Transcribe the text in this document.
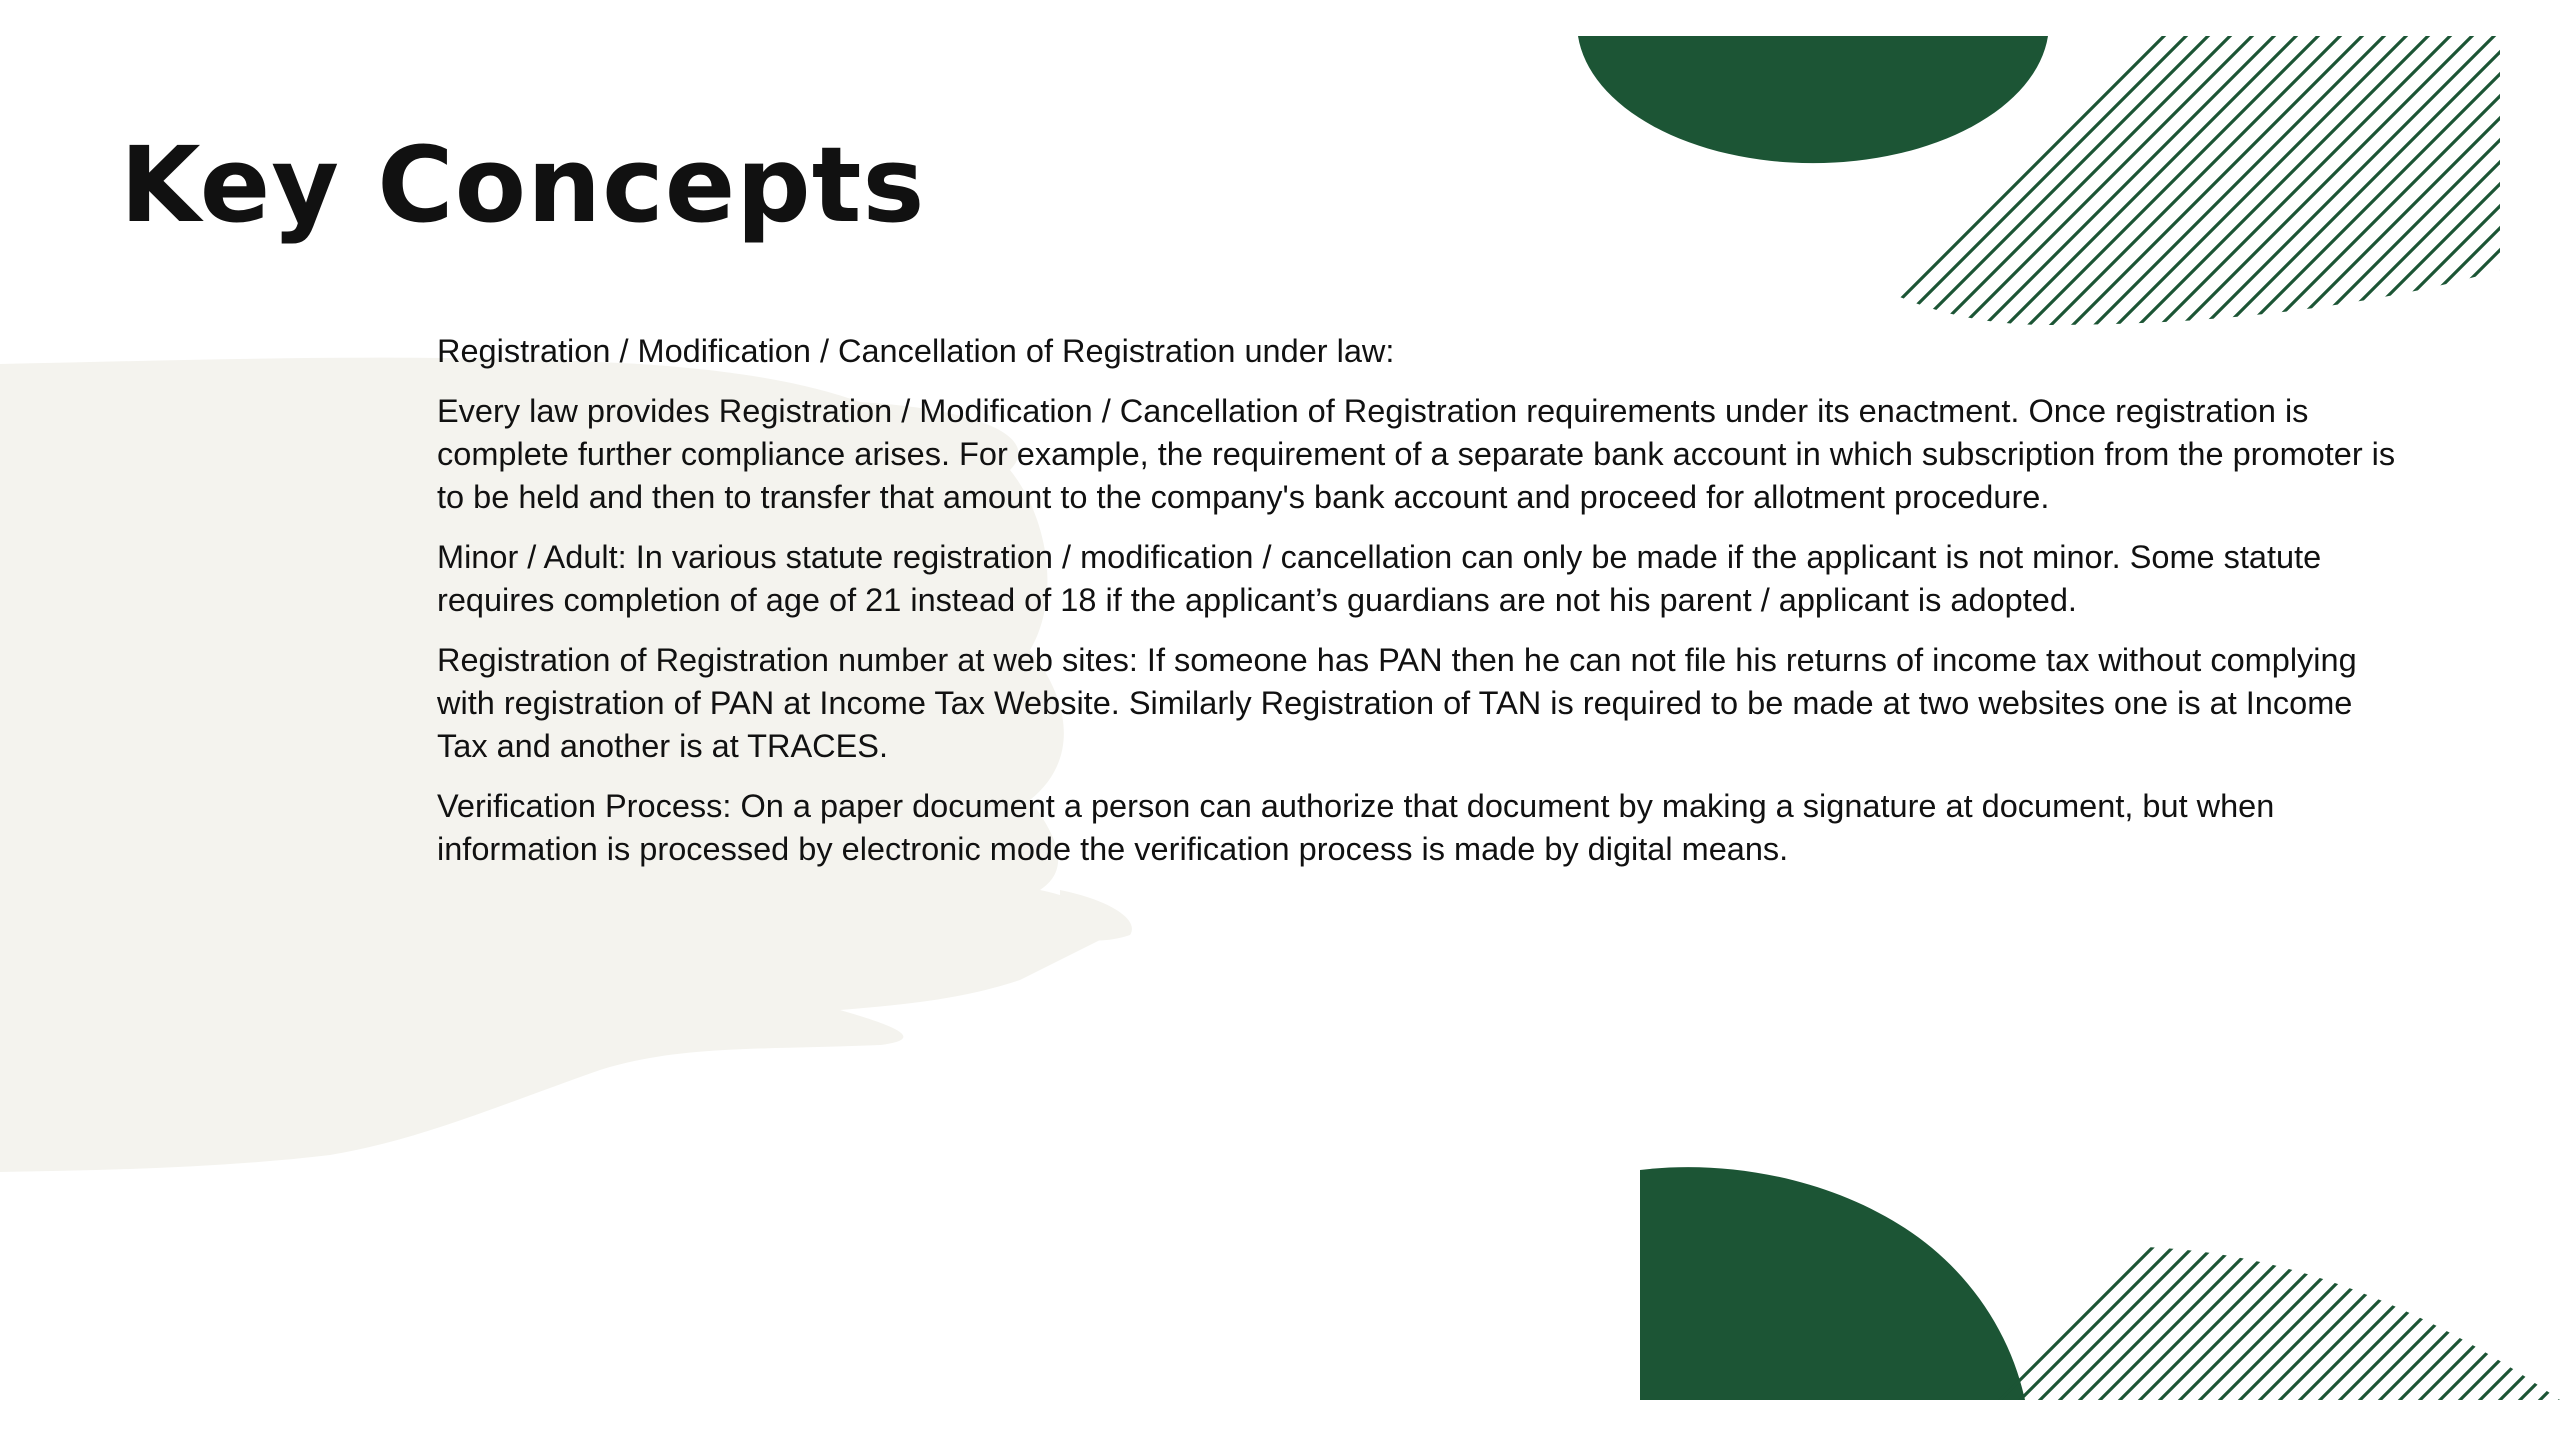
Key Concepts

Registration / Modification / Cancellation of Registration under law:

Every law provides Registration / Modification / Cancellation of Registration requirements under its enactment. Once registration is complete further compliance arises. For example, the requirement of a separate bank account in which subscription from the promoter is to be held and then to transfer that amount to the company's bank account and proceed for allotment procedure.

Minor / Adult: In various statute registration / modification / cancellation can only be made if the applicant is not minor. Some statute requires completion of age of 21 instead of 18 if the applicant’s guardians are not his parent / applicant is adopted.

Registration of Registration number at web sites: If someone has PAN then he can not file his returns of income tax without complying with registration of PAN at Income Tax Website. Similarly Registration of TAN is required to be made at two websites one is at Income Tax and another is at TRACES.

Verification Process: On a paper document a person can authorize that document by making a signature at document, but when information is processed by electronic mode the verification process is made by digital means.
